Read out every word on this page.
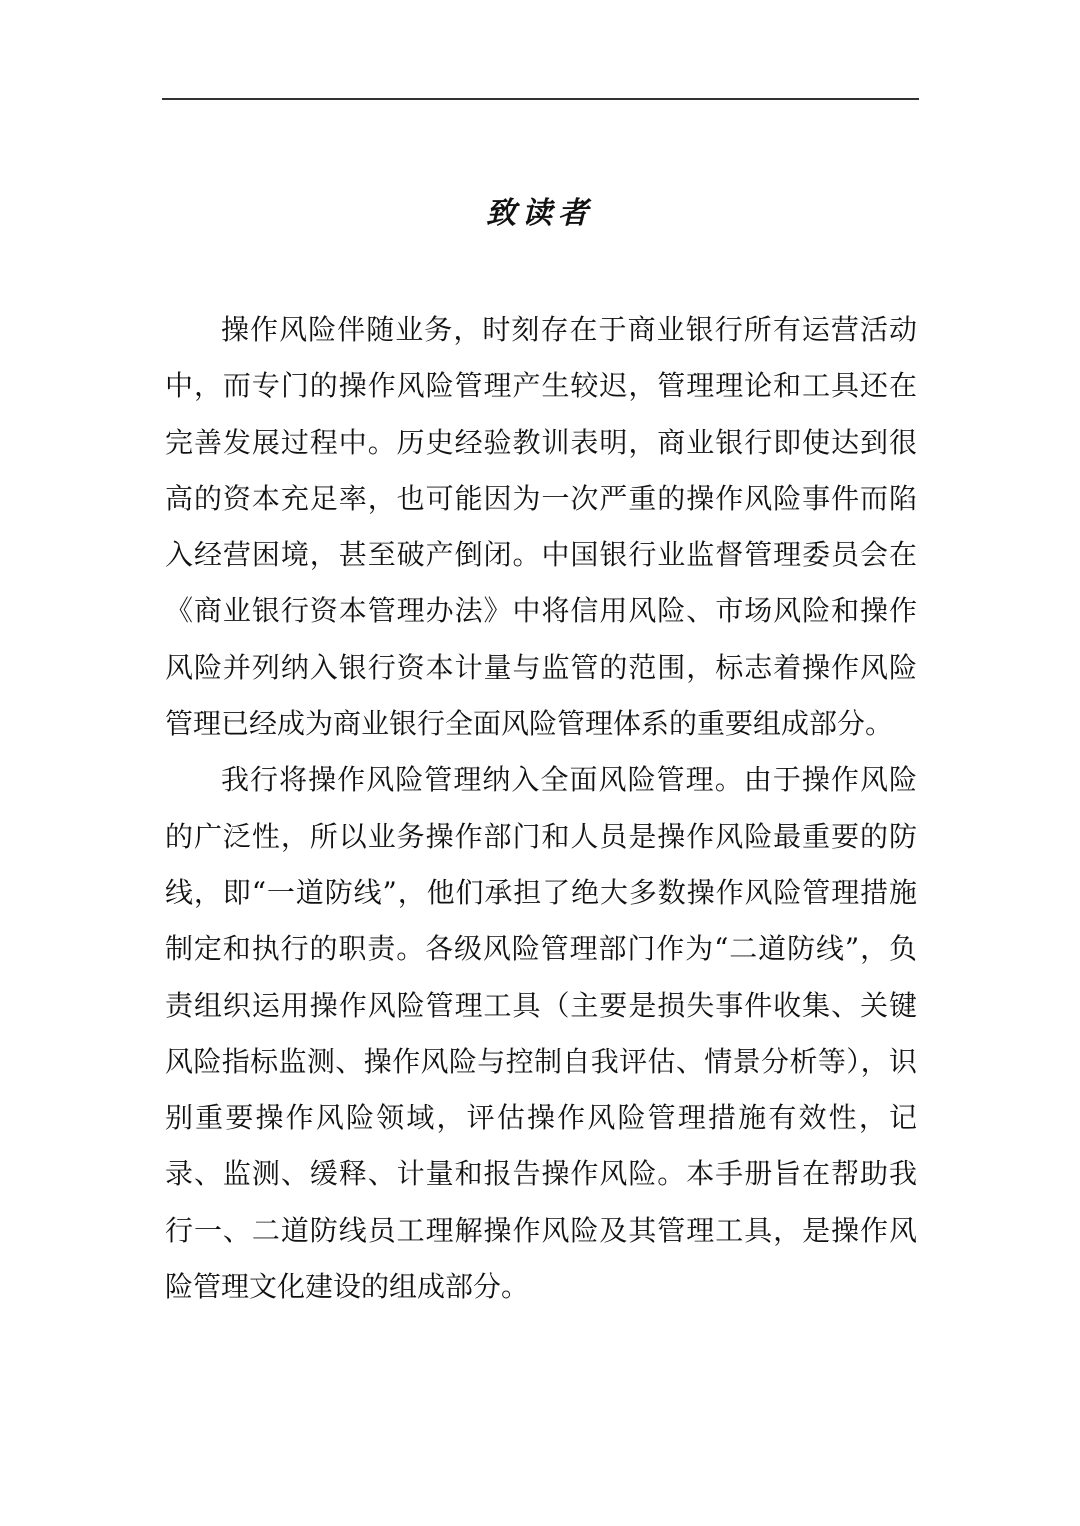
致读者

操作风险伴随业务，时刻存在于商业银行所有运营活动中，而专门的操作风险管理产生较迟，管理理论和工具还在完善发展过程中。历史经验教训表明，商业银行即使达到很高的资本充足率，也可能因为一次严重的操作风险事件而陷入经营困境，甚至破产倒闭。中国银行业监督管理委员会在《商业银行资本管理办法》中将信用风险、市场风险和操作风险并列纳入银行资本计量与监管的范围，标志着操作风险管理已经成为商业银行全面风险管理体系的重要组成部分。

我行将操作风险管理纳入全面风险管理。由于操作风险的广泛性，所以业务操作部门和人员是操作风险最重要的防线，即“一道防线”，他们承担了绝大多数操作风险管理措施制定和执行的职责。各级风险管理部门作为“二道防线”，负责组织运用操作风险管理工具（主要是损失事件收集、关键风险指标监测、操作风险与控制自我评估、情景分析等），识别重要操作风险领域，评估操作风险管理措施有效性，记录、监测、缓释、计量和报告操作风险。本手册旨在帮助我行一、二道防线员工理解操作风险及其管理工具，是操作风险管理文化建设的组成部分。
